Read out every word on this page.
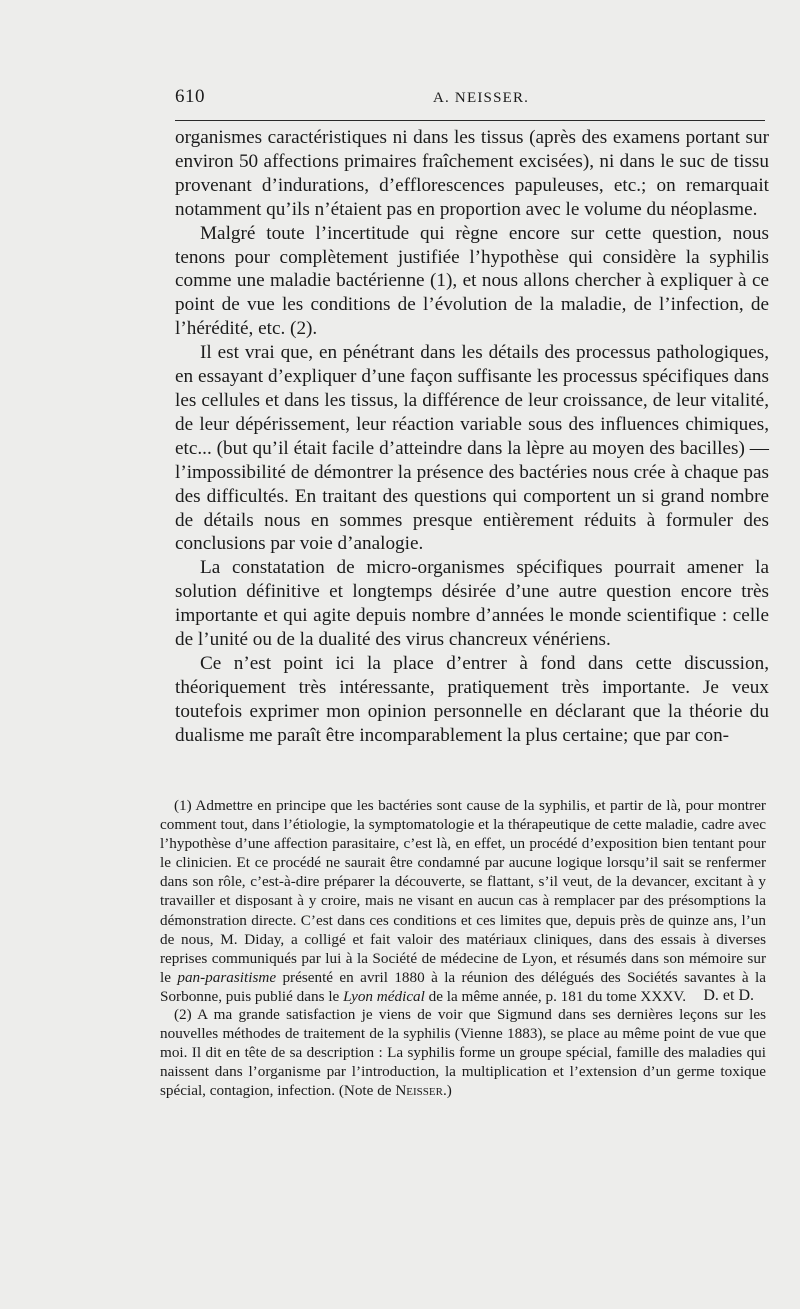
610	A. NEISSER.

organismes caractéristiques ni dans les tissus (après des examens portant sur environ 50 affections primaires fraîchement excisées), ni dans le suc de tissu provenant d’indurations, d’efflorescences papuleuses, etc.; on remarquait notamment qu’ils n’étaient pas en proportion avec le volume du néoplasme.

Malgré toute l’incertitude qui règne encore sur cette question, nous tenons pour complètement justifiée l’hypothèse qui considère la syphilis comme une maladie bactérienne (1), et nous allons chercher à expliquer à ce point de vue les conditions de l’évolution de la maladie, de l’infection, de l’hérédité, etc. (2).

Il est vrai que, en pénétrant dans les détails des processus pathologiques, en essayant d’expliquer d’une façon suffisante les processus spécifiques dans les cellules et dans les tissus, la différence de leur croissance, de leur vitalité, de leur dépérissement, leur réaction variable sous des influences chimiques, etc... (but qu’il était facile d’atteindre dans la lèpre au moyen des bacilles) — l’impossibilité de démontrer la présence des bactéries nous crée à chaque pas des difficultés. En traitant des questions qui comportent un si grand nombre de détails nous en sommes presque entièrement réduits à formuler des conclusions par voie d’analogie.

La constatation de micro-organismes spécifiques pourrait amener la solution définitive et longtemps désirée d’une autre question encore très importante et qui agite depuis nombre d’années le monde scientifique : celle de l’unité ou de la dualité des virus chancreux vénériens.

Ce n’est point ici la place d’entrer à fond dans cette discussion, théoriquement très intéressante, pratiquement très importante. Je veux toutefois exprimer mon opinion personnelle en déclarant que la théorie du dualisme me paraît être incomparablement la plus certaine; que par con-

(1) Admettre en principe que les bactéries sont cause de la syphilis, et partir de là, pour montrer comment tout, dans l’étiologie, la symptomatologie et la thérapeutique de cette maladie, cadre avec l’hypothèse d’une affection parasitaire, c’est là, en effet, un procédé d’exposition bien tentant pour le clinicien. Et ce procédé ne saurait être condamné par aucune logique lorsqu’il sait se renfermer dans son rôle, c’est-à-dire préparer la découverte, se flattant, s’il veut, de la devancer, excitant à y travailler et disposant à y croire, mais ne visant en aucun cas à remplacer par des présomptions la démonstration directe. C’est dans ces conditions et ces limites que, depuis près de quinze ans, l’un de nous, M. Diday, a colligé et fait valoir des matériaux cliniques, dans des essais à diverses reprises communiqués par lui à la Société de médecine de Lyon, et résumés dans son mémoire sur le pan-parasitisme présenté en avril 1880 à la réunion des délégués des Sociétés savantes à la Sorbonne, puis publié dans le Lyon médical de la même année, p. 181 du tome XXXV.	D. et D.

(2) A ma grande satisfaction je viens de voir que Sigmund dans ses dernières leçons sur les nouvelles méthodes de traitement de la syphilis (Vienne 1883), se place au même point de vue que moi. Il dit en tête de sa description : La syphilis forme un groupe spécial, famille des maladies qui naissent dans l’organisme par l’introduction, la multiplication et l’extension d’un germe toxique spécial, contagion, infection. (Note de Neisser.)
